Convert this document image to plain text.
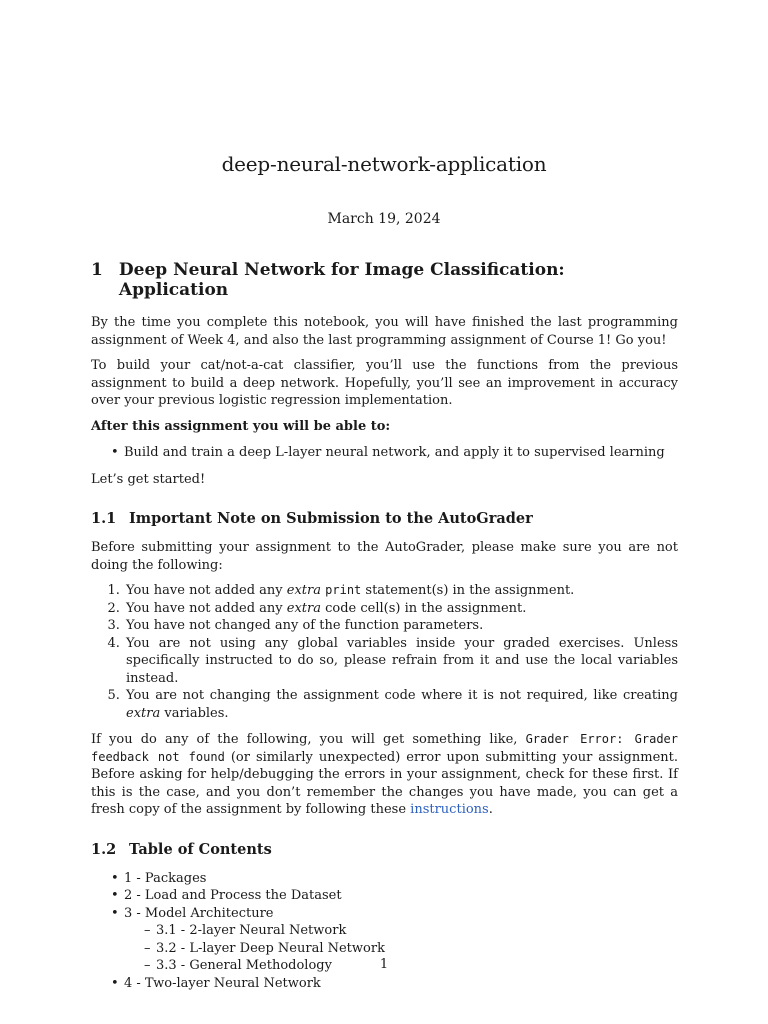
deep-neural-network-application
March 19, 2024
1 Deep Neural Network for Image Classification: Application

By the time you complete this notebook, you will have finished the last programming assignment of Week 4, and also the last programming assignment of Course 1! Go you!

To build your cat/not-a-cat classifier, you’ll use the functions from the previous assignment to build a deep network. Hopefully, you’ll see an improvement in accuracy over your previous logistic regression implementation.

After this assignment you will be able to:

• Build and train a deep L-layer neural network, and apply it to supervised learning

Let’s get started!

1.1 Important Note on Submission to the AutoGrader

Before submitting your assignment to the AutoGrader, please make sure you are not doing the following:

1. You have not added any extra print statement(s) in the assignment.
2. You have not added any extra code cell(s) in the assignment.
3. You have not changed any of the function parameters.
4. You are not using any global variables inside your graded exercises. Unless specifically instructed to do so, please refrain from it and use the local variables instead.
5. You are not changing the assignment code where it is not required, like creating extra variables.

If you do any of the following, you will get something like, Grader Error: Grader feedback not found (or similarly unexpected) error upon submitting your assignment. Before asking for help/debugging the errors in your assignment, check for these first. If this is the case, and you don’t remember the changes you have made, you can get a fresh copy of the assignment by following these instructions.

1.2 Table of Contents
• 1 - Packages
• 2 - Load and Process the Dataset
• 3 - Model Architecture
– 3.1 - 2-layer Neural Network
– 3.2 - L-layer Deep Neural Network
– 3.3 - General Methodology
• 4 - Two-layer Neural Network
1
